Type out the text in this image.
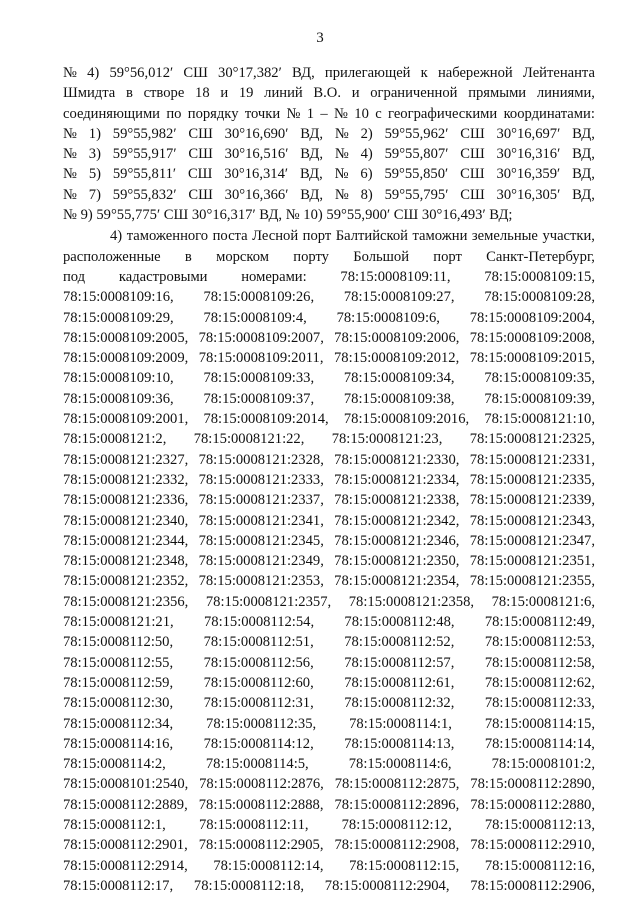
3
№ 4) 59°56,012′ СШ 30°17,382′ ВД, прилегающей к набережной Лейтенанта
Шмидта в створе 18 и 19 линий В.О. и ограниченной прямыми линиями,
соединяющими по порядку точки № 1 – № 10 с географическими координатами:
№ 1) 59°55,982′ СШ 30°16,690′ ВД, № 2) 59°55,962′ СШ 30°16,697′ ВД,
№ 3) 59°55,917′ СШ 30°16,516′ ВД, № 4) 59°55,807′ СШ 30°16,316′ ВД,
№ 5) 59°55,811′ СШ 30°16,314′ ВД, № 6) 59°55,850′ СШ 30°16,359′ ВД,
№ 7) 59°55,832′ СШ 30°16,366′ ВД, № 8) 59°55,795′ СШ 30°16,305′ ВД,
№ 9) 59°55,775′ СШ 30°16,317′ ВД, № 10) 59°55,900′ СШ 30°16,493′ ВД;
4) таможенного поста Лесной порт Балтийской таможни земельные участки,
расположенные в морском порту Большой порт Санкт-Петербург,
под кадастровыми номерами: 78:15:0008109:11, 78:15:0008109:15,
78:15:0008109:16, 78:15:0008109:26, 78:15:0008109:27, 78:15:0008109:28,
78:15:0008109:29, 78:15:0008109:4, 78:15:0008109:6, 78:15:0008109:2004,
78:15:0008109:2005, 78:15:0008109:2007, 78:15:0008109:2006, 78:15:0008109:2008,
78:15:0008109:2009, 78:15:0008109:2011, 78:15:0008109:2012, 78:15:0008109:2015,
78:15:0008109:10, 78:15:0008109:33, 78:15:0008109:34, 78:15:0008109:35,
78:15:0008109:36, 78:15:0008109:37, 78:15:0008109:38, 78:15:0008109:39,
78:15:0008109:2001, 78:15:0008109:2014, 78:15:0008109:2016, 78:15:0008121:10,
78:15:0008121:2, 78:15:0008121:22, 78:15:0008121:23, 78:15:0008121:2325,
78:15:0008121:2327, 78:15:0008121:2328, 78:15:0008121:2330, 78:15:0008121:2331,
78:15:0008121:2332, 78:15:0008121:2333, 78:15:0008121:2334, 78:15:0008121:2335,
78:15:0008121:2336, 78:15:0008121:2337, 78:15:0008121:2338, 78:15:0008121:2339,
78:15:0008121:2340, 78:15:0008121:2341, 78:15:0008121:2342, 78:15:0008121:2343,
78:15:0008121:2344, 78:15:0008121:2345, 78:15:0008121:2346, 78:15:0008121:2347,
78:15:0008121:2348, 78:15:0008121:2349, 78:15:0008121:2350, 78:15:0008121:2351,
78:15:0008121:2352, 78:15:0008121:2353, 78:15:0008121:2354, 78:15:0008121:2355,
78:15:0008121:2356, 78:15:0008121:2357, 78:15:0008121:2358, 78:15:0008121:6,
78:15:0008121:21, 78:15:0008112:54, 78:15:0008112:48, 78:15:0008112:49,
78:15:0008112:50, 78:15:0008112:51, 78:15:0008112:52, 78:15:0008112:53,
78:15:0008112:55, 78:15:0008112:56, 78:15:0008112:57, 78:15:0008112:58,
78:15:0008112:59, 78:15:0008112:60, 78:15:0008112:61, 78:15:0008112:62,
78:15:0008112:30, 78:15:0008112:31, 78:15:0008112:32, 78:15:0008112:33,
78:15:0008112:34, 78:15:0008112:35, 78:15:0008114:1, 78:15:0008114:15,
78:15:0008114:16, 78:15:0008114:12, 78:15:0008114:13, 78:15:0008114:14,
78:15:0008114:2,	78:15:0008114:5,	78:15:0008114:6,	78:15:0008101:2,
78:15:0008101:2540, 78:15:0008112:2876, 78:15:0008112:2875, 78:15:0008112:2890,
78:15:0008112:2889, 78:15:0008112:2888, 78:15:0008112:2896, 78:15:0008112:2880,
78:15:0008112:1, 78:15:0008112:11, 78:15:0008112:12, 78:15:0008112:13,
78:15:0008112:2901, 78:15:0008112:2905, 78:15:0008112:2908, 78:15:0008112:2910,
78:15:0008112:2914, 78:15:0008112:14, 78:15:0008112:15, 78:15:0008112:16,
78:15:0008112:17, 78:15:0008112:18, 78:15:0008112:2904, 78:15:0008112:2906,
